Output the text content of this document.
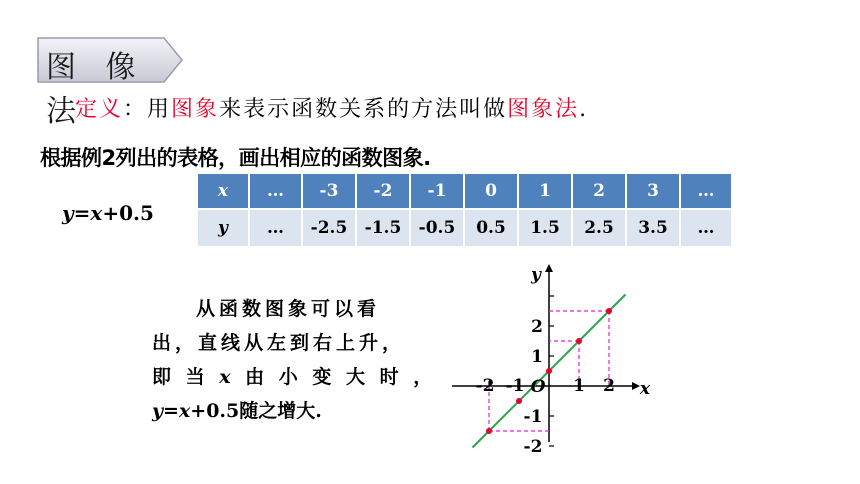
图 像 法
定义：用图象来表示函数关系的方法叫做图象法.
根据例2列出的表格，画出相应的函数图象.
y=x+0.5
x	…	-3	-2	-1	0	1	2	3	…
y	…	-2.5	-1.5	-0.5	0.5	1.5	2.5	3.5	…
从函数图象可以看
出，直线从左到右上升，
即 当 x 由 小 变 大 时 ，
y=x+0.5随之增大.
x
y
O
-2 -1	1 2
2
1
-1
-2
